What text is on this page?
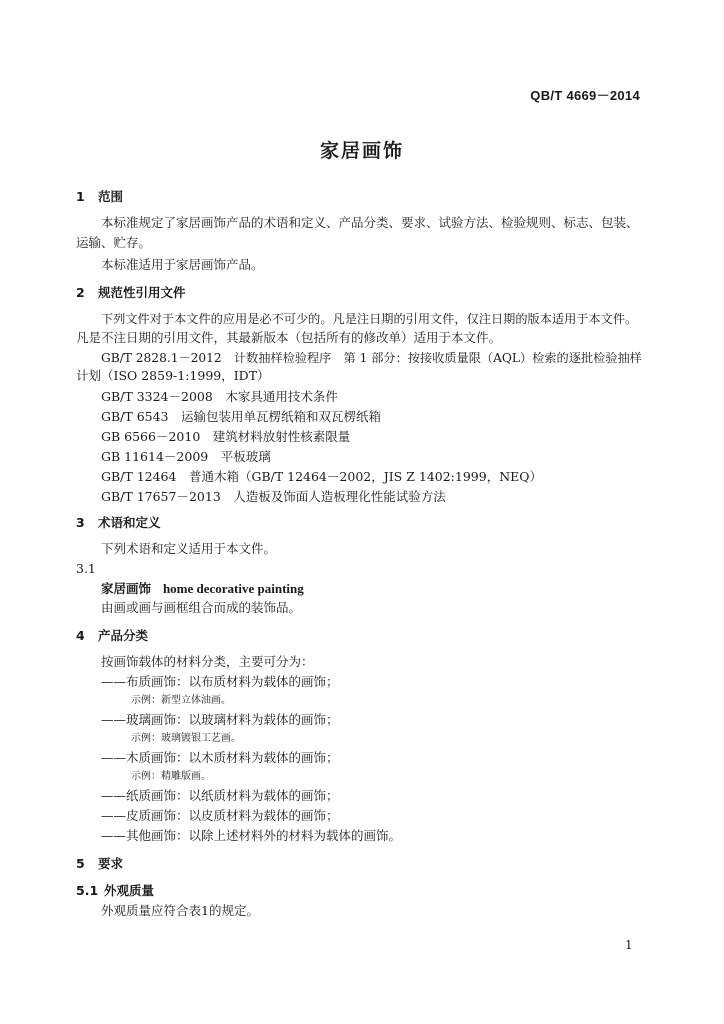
QB/T 4669－2014
家居画饰
1 范围
本标准规定了家居画饰产品的术语和定义、产品分类、要求、试验方法、检验规则、标志、包装、
运输、贮存。
本标准适用于家居画饰产品。
2 规范性引用文件
下列文件对于本文件的应用是必不可少的。凡是注日期的引用文件，仅注日期的版本适用于本文件。
凡是不注日期的引用文件，其最新版本（包括所有的修改单）适用于本文件。
GB/T 2828.1－2012　计数抽样检验程序　第 1 部分：按接收质量限（AQL）检索的逐批检验抽样
计划（ISO 2859-1:1999，IDT）
GB/T 3324－2008　木家具通用技术条件
GB/T 6543　运输包装用单瓦楞纸箱和双瓦楞纸箱
GB 6566－2010　建筑材料放射性核素限量
GB 11614－2009　平板玻璃
GB/T 12464　普通木箱（GB/T 12464－2002，JIS Z 1402:1999，NEQ）
GB/T 17657－2013　人造板及饰面人造板理化性能试验方法
3 术语和定义
下列术语和定义适用于本文件。
3.1
家居画饰 home decorative painting
由画或画与画框组合而成的装饰品。
4 产品分类
按画饰载体的材料分类，主要可分为：
——布质画饰：以布质材料为载体的画饰；
示例：新型立体油画。
——玻璃画饰：以玻璃材料为载体的画饰；
示例：玻璃镀银工艺画。
——木质画饰：以木质材料为载体的画饰；
示例：精雕版画。
——纸质画饰：以纸质材料为载体的画饰；
——皮质画饰：以皮质材料为载体的画饰；
——其他画饰：以除上述材料外的材料为载体的画饰。
5 要求
5.1 外观质量
外观质量应符合表1的规定。
1
